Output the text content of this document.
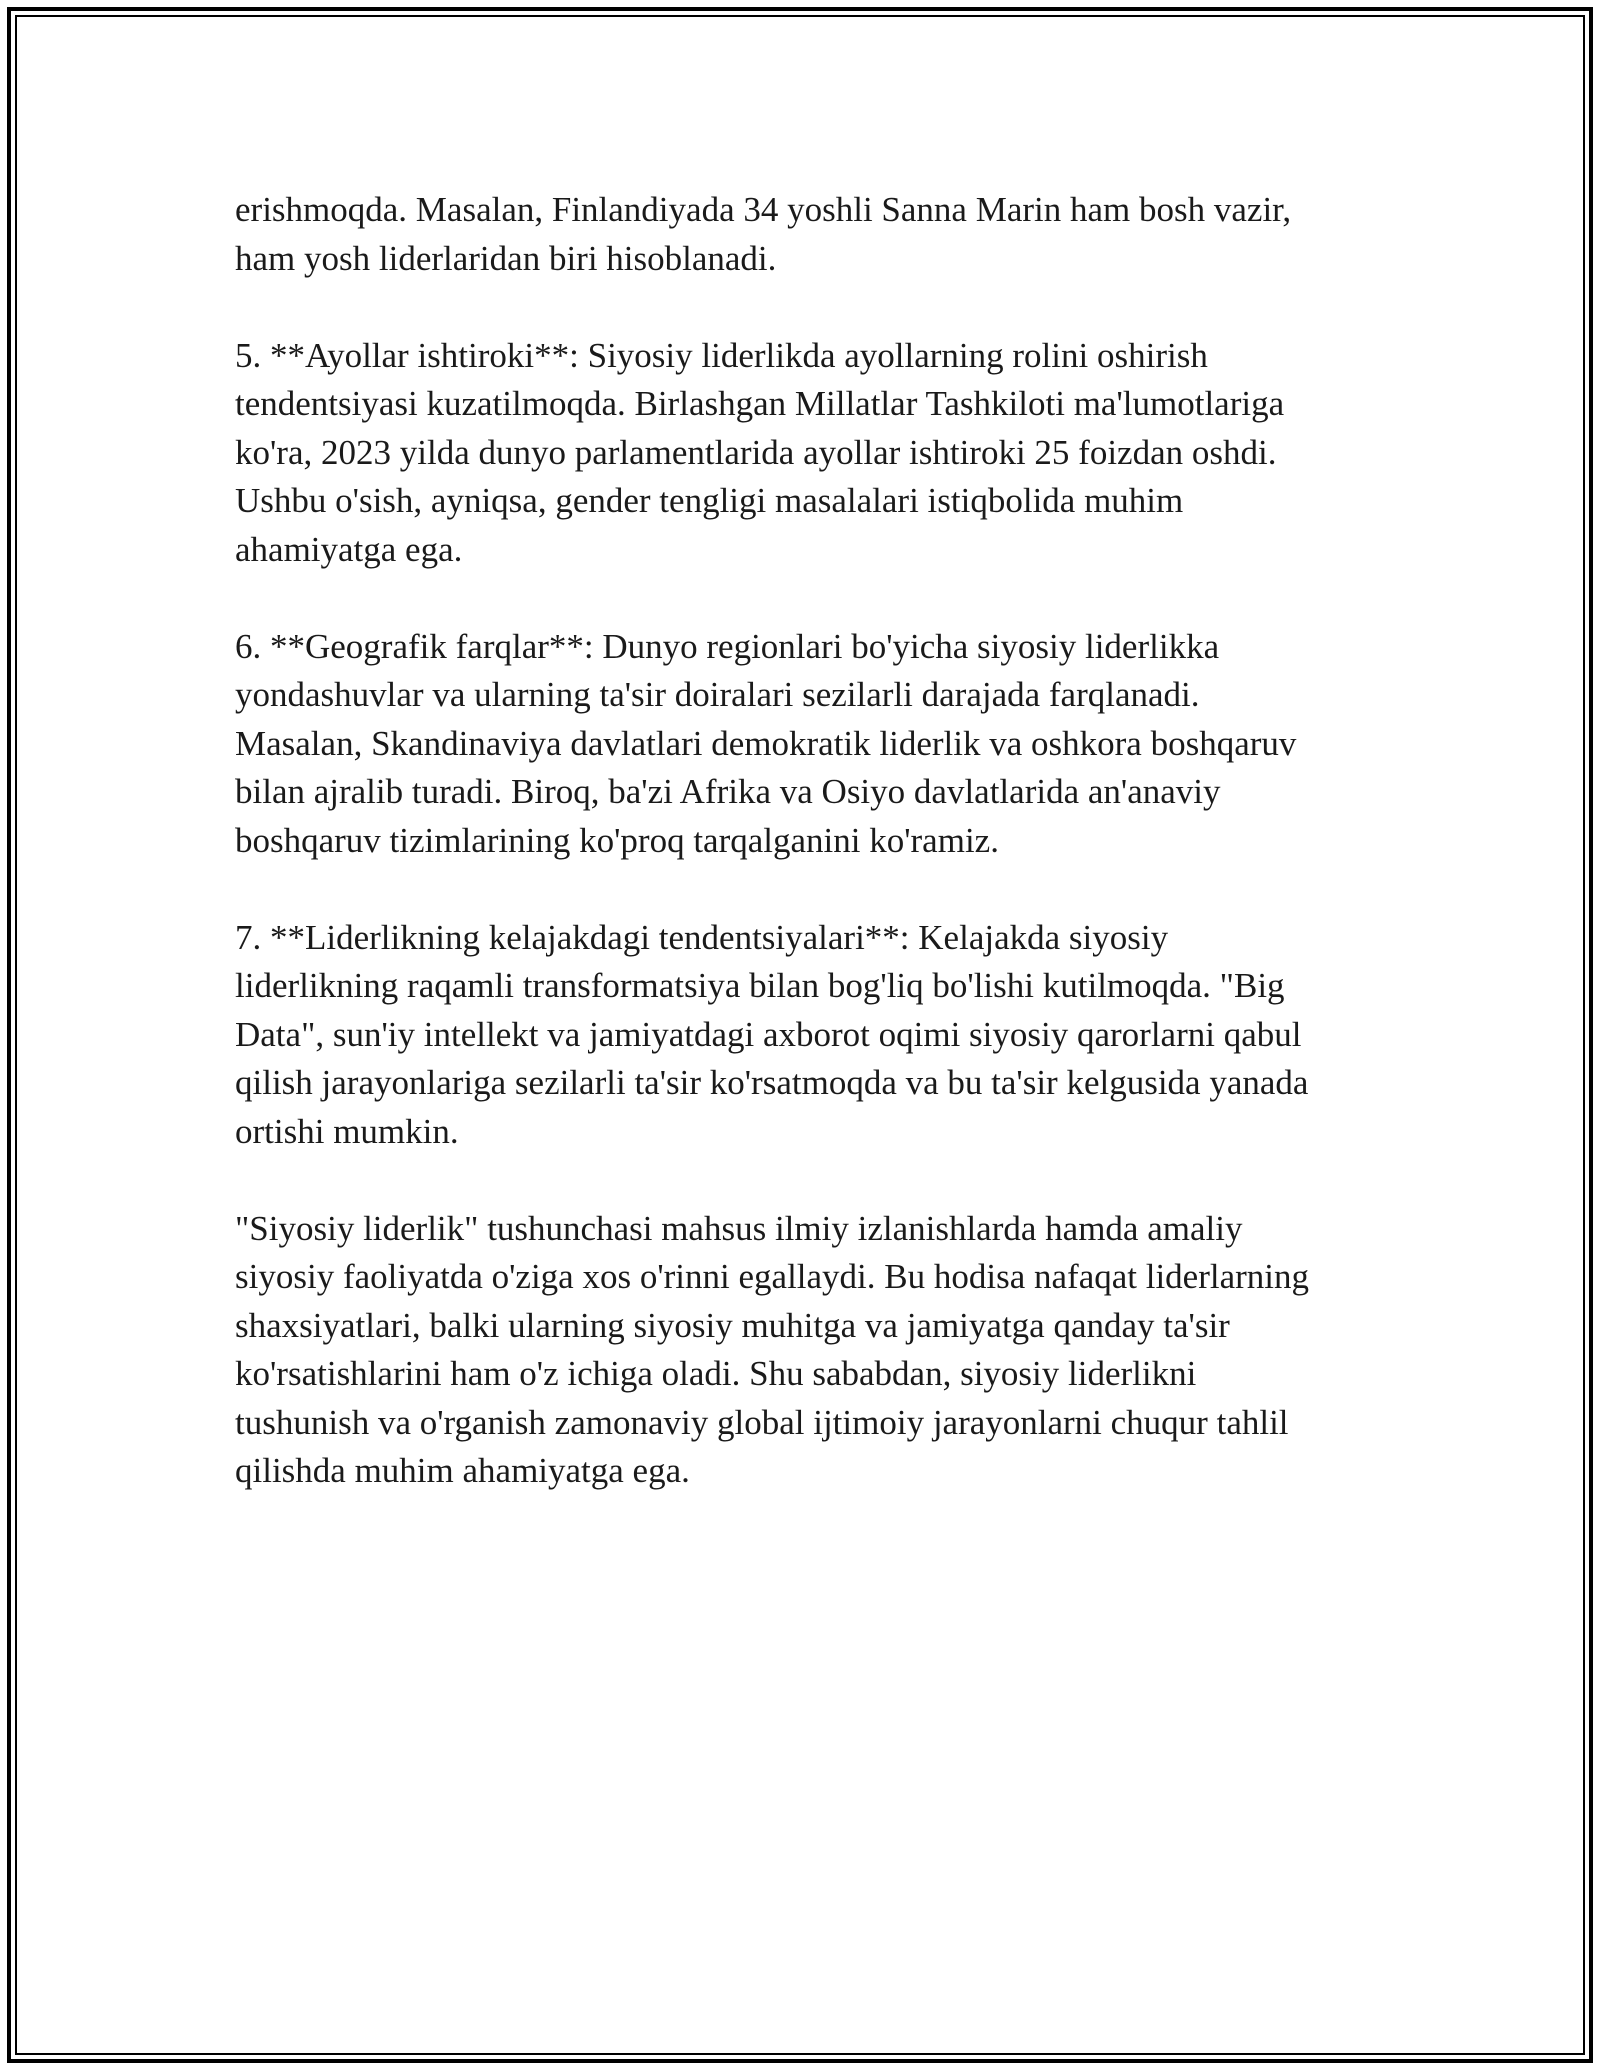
erishmoqda. Masalan, Finlandiyada 34 yoshli Sanna Marin ham bosh vazir,
ham yosh liderlaridan biri hisoblanadi.

5. **Ayollar ishtiroki**: Siyosiy liderlikda ayollarning rolini oshirish
tendentsiyasi kuzatilmoqda. Birlashgan Millatlar Tashkiloti ma'lumotlariga
ko'ra, 2023 yilda dunyo parlamentlarida ayollar ishtiroki 25 foizdan oshdi.
Ushbu o'sish, ayniqsa, gender tengligi masalalari istiqbolida muhim
ahamiyatga ega.

6. **Geografik farqlar**: Dunyo regionlari bo'yicha siyosiy liderlikka
yondashuvlar va ularning ta'sir doiralari sezilarli darajada farqlanadi.
Masalan, Skandinaviya davlatlari demokratik liderlik va oshkora boshqaruv
bilan ajralib turadi. Biroq, ba'zi Afrika va Osiyo davlatlarida an'anaviy
boshqaruv tizimlarining ko'proq tarqalganini ko'ramiz.

7. **Liderlikning kelajakdagi tendentsiyalari**: Kelajakda siyosiy
liderlikning raqamli transformatsiya bilan bog'liq bo'lishi kutilmoqda. "Big
Data", sun'iy intellekt va jamiyatdagi axborot oqimi siyosiy qarorlarni qabul
qilish jarayonlariga sezilarli ta'sir ko'rsatmoqda va bu ta'sir kelgusida yanada
ortishi mumkin.

"Siyosiy liderlik" tushunchasi mahsus ilmiy izlanishlarda hamda amaliy
siyosiy faoliyatda o'ziga xos o'rinni egallaydi. Bu hodisa nafaqat liderlarning
shaxsiyatlari, balki ularning siyosiy muhitga va jamiyatga qanday ta'sir
ko'rsatishlarini ham o'z ichiga oladi. Shu sababdan, siyosiy liderlikni
tushunish va o'rganish zamonaviy global ijtimoiy jarayonlarni chuqur tahlil
qilishda muhim ahamiyatga ega.
